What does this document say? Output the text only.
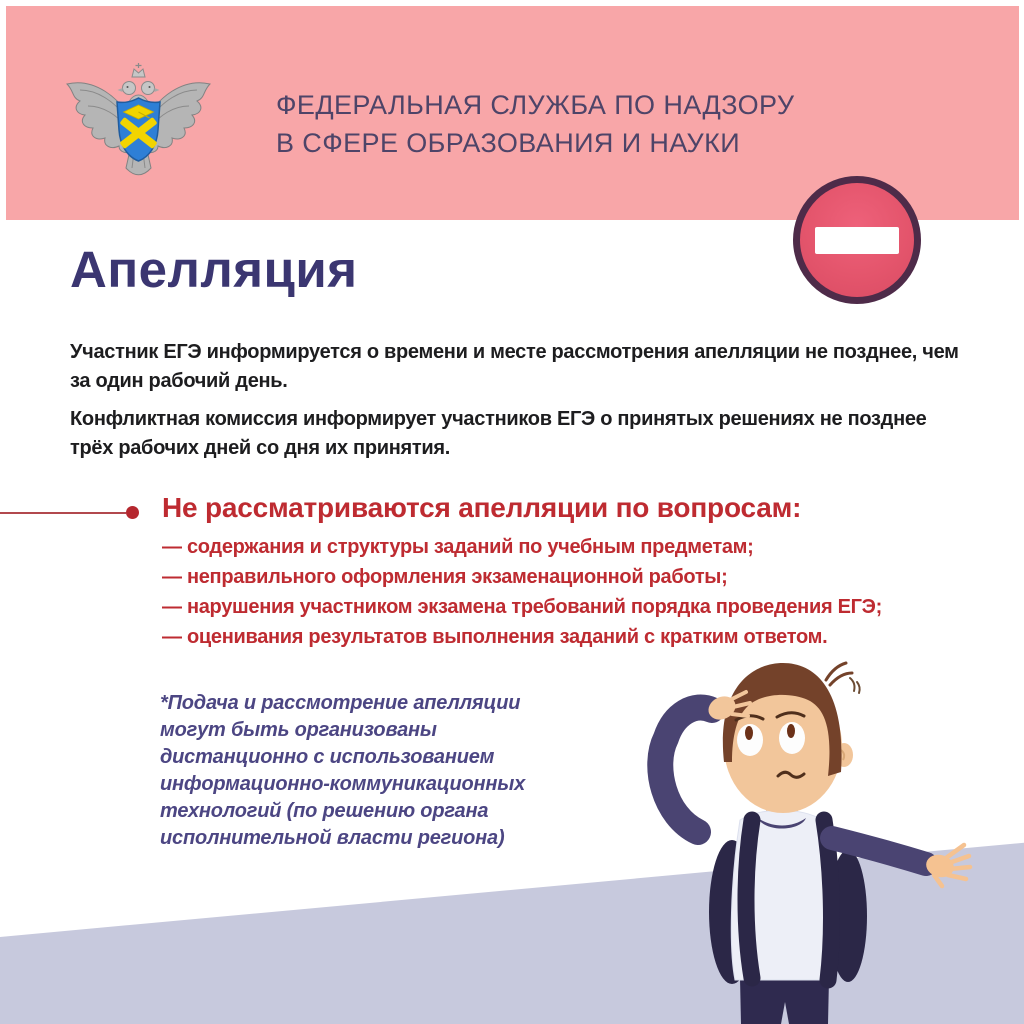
ФЕДЕРАЛЬНАЯ СЛУЖБА ПО НАДЗОРУ
В СФЕРЕ ОБРАЗОВАНИЯ И НАУКИ
Апелляция

Участник ЕГЭ информируется о времени и месте рассмотрения апелляции не позднее, чем за один рабочий день.

Конфликтная комиссия информирует участников ЕГЭ о принятых решениях не позднее трёх рабочих дней со дня их принятия.

Не рассматриваются апелляции по вопросам:
— содержания и структуры заданий по учебным предметам;
— неправильного оформления экзаменационной работы;
— нарушения участником экзамена требований порядка проведения ЕГЭ;
— оценивания результатов выполнения заданий с кратким ответом.

*Подача и рассмотрение апелляции могут быть организованы дистанционно с использованием информационно-коммуникационных технологий (по решению органа исполнительной власти региона)
